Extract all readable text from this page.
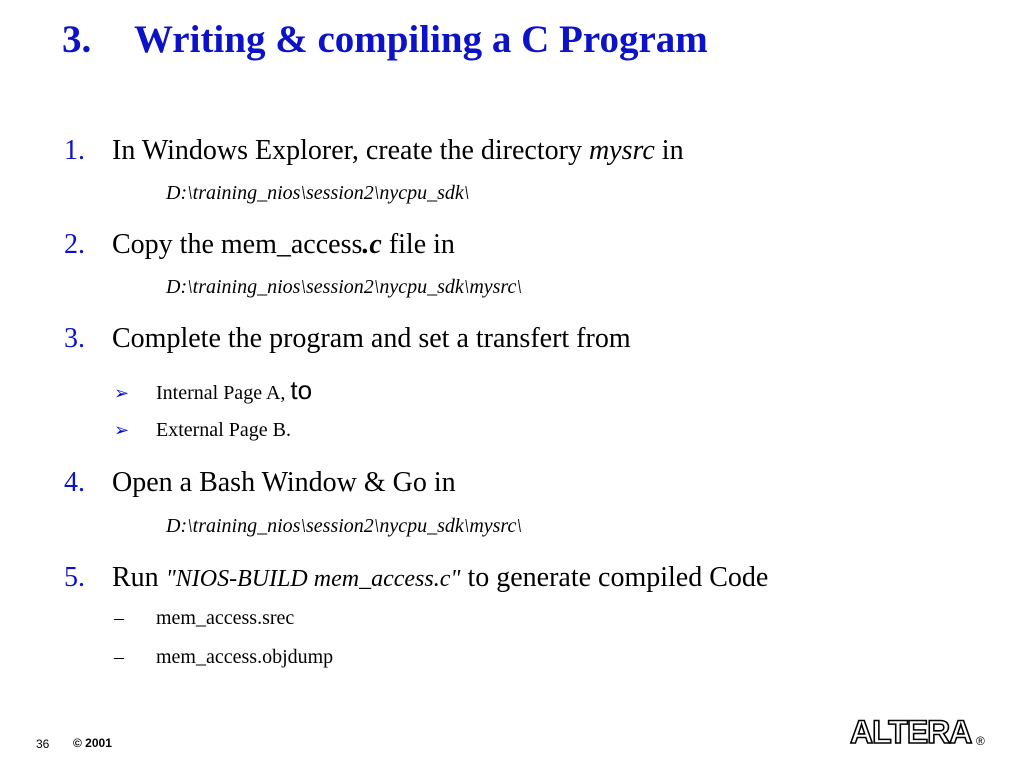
3. Writing & compiling a C Program
1. In Windows Explorer, create the directory mysrc in
D:\training_nios\session2\nycpu_sdk\
2. Copy the mem_access.c file in
D:\training_nios\session2\nycpu_sdk\mysrc\
3. Complete the program and set a transfert from
➢ Internal Page A, to
➢ External Page B.
4. Open a Bash Window & Go in
D:\training_nios\session2\nycpu_sdk\mysrc\
5. Run "NIOS-BUILD mem_access.c" to generate compiled Code
– mem_access.srec
– mem_access.objdump
36 © 2001	ALTERA ®
